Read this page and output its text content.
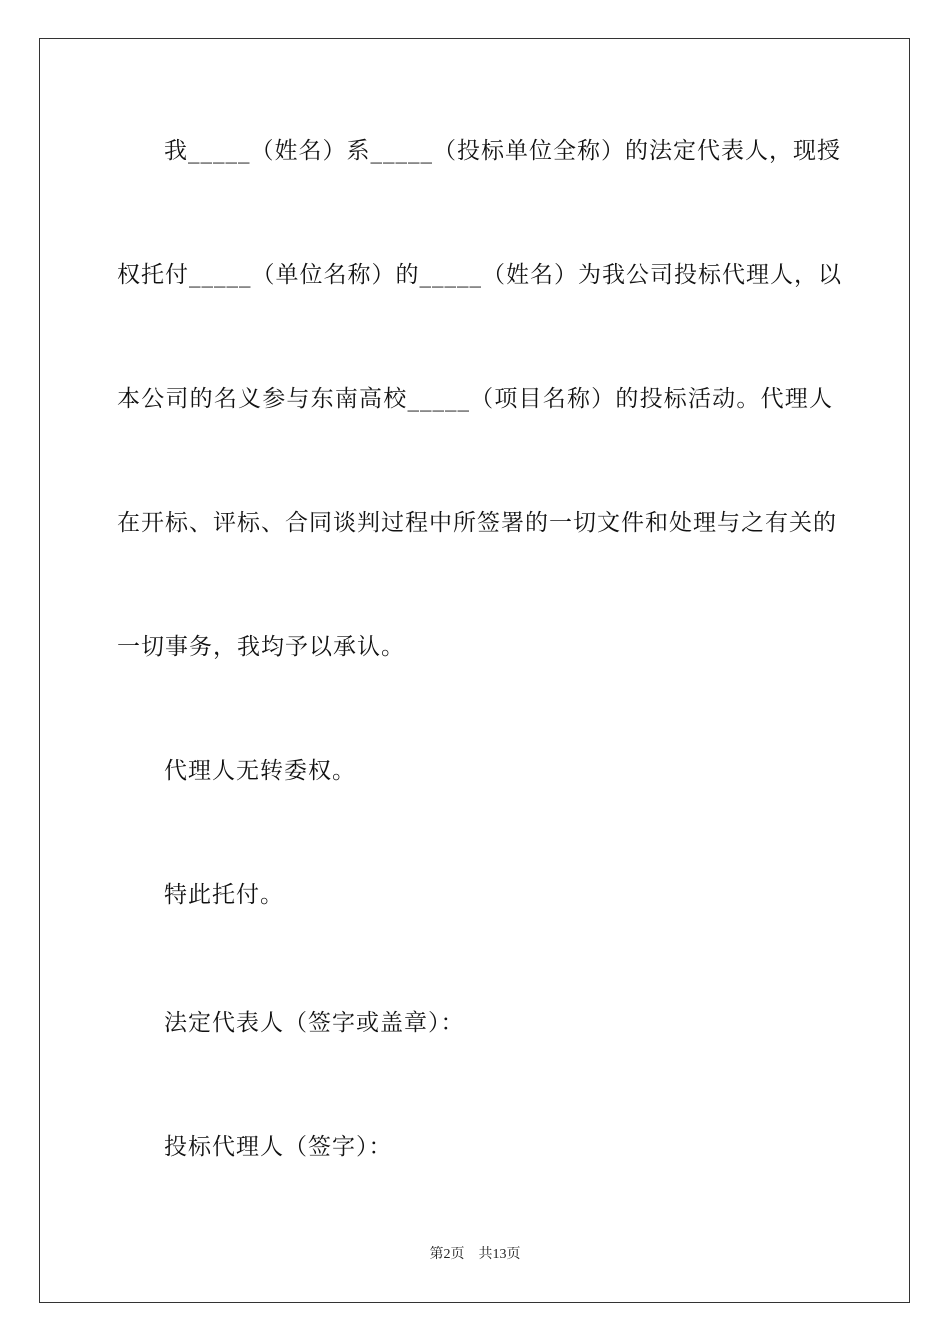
我_____（姓名）系_____（投标单位全称）的法定代表人，现授
权托付_____（单位名称）的_____（姓名）为我公司投标代理人，以
本公司的名义参与东南高校_____（项目名称）的投标活动。代理人
在开标、评标、合同谈判过程中所签署的一切文件和处理与之有关的
一切事务，我均予以承认。
代理人无转委权。
特此托付。
法定代表人（签字或盖章）：
投标代理人（签字）：
第2页　共13页
